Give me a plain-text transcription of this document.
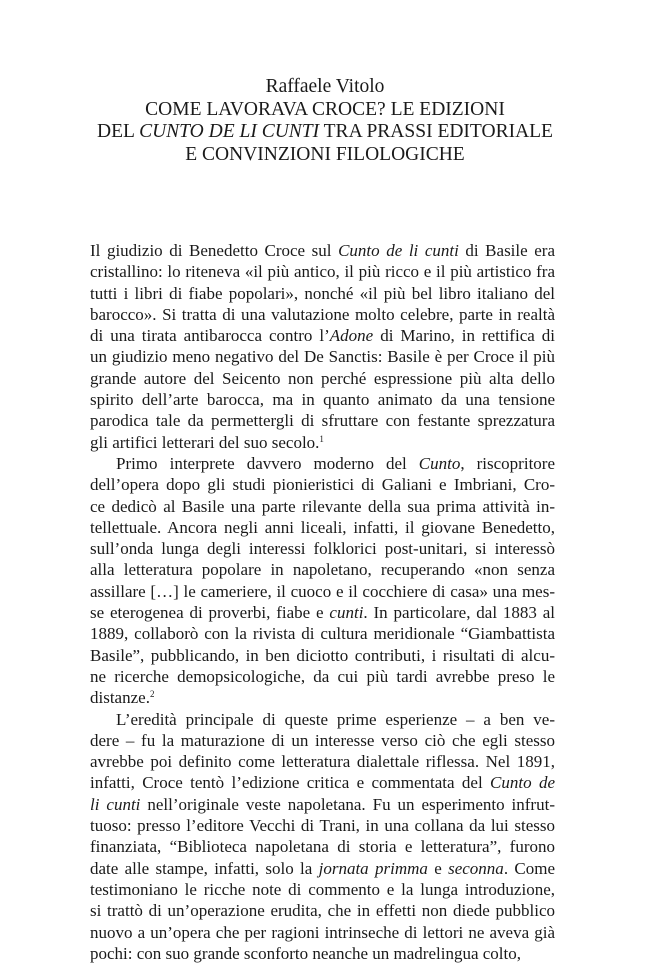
Raffaele Vitolo
COME LAVORAVA CROCE? LE EDIZIONI
DEL CUNTO DE LI CUNTI TRA PRASSI EDITORIALE
E CONVINZIONI FILOLOGICHE
Il giudizio di Benedetto Croce sul Cunto de li cunti di Basile era
cristallino: lo riteneva «il più antico, il più ricco e il più artistico fra
tutti i libri di fiabe popolari», nonché «il più bel libro italiano del
barocco». Si tratta di una valutazione molto celebre, parte in realtà
di una tirata antibarocca contro l’Adone di Marino, in rettifica di
un giudizio meno negativo del De Sanctis: Basile è per Croce il più
grande autore del Seicento non perché espressione più alta dello
spirito dell’arte barocca, ma in quanto animato da una tensione
parodica tale da permettergli di sfruttare con festante sprezzatura
gli artifici letterari del suo secolo.$^1$
Primo interprete davvero moderno del Cunto, riscopritore
dell’opera dopo gli studi pionieristici di Galiani e Imbriani, Cro-
ce dedicò al Basile una parte rilevante della sua prima attività in-
tellettuale. Ancora negli anni liceali, infatti, il giovane Benedetto,
sull’onda lunga degli interessi folklorici post-unitari, si interessò
alla letteratura popolare in napoletano, recuperando «non senza
assillare […] le cameriere, il cuoco e il cocchiere di casa» una mes-
se eterogenea di proverbi, fiabe e cunti. In particolare, dal 1883 al
1889, collaborò con la rivista di cultura meridionale “Giambattista
Basile”, pubblicando, in ben diciotto contributi, i risultati di alcu-
ne ricerche demopsicologiche, da cui più tardi avrebbe preso le
distanze.$^2$
L’eredità principale di queste prime esperienze – a ben ve-
dere – fu la maturazione di un interesse verso ciò che egli stesso
avrebbe poi definito come letteratura dialettale riflessa. Nel 1891,
infatti, Croce tentò l’edizione critica e commentata del Cunto de
li cunti nell’originale veste napoletana. Fu un esperimento infrut-
tuoso: presso l’editore Vecchi di Trani, in una collana da lui stesso
finanziata, “Biblioteca napoletana di storia e letteratura”, furono
date alle stampe, infatti, solo la jornata primma e seconna. Come
testimoniano le ricche note di commento e la lunga introduzione,
si trattò di un’operazione erudita, che in effetti non diede pubblico
nuovo a un’opera che per ragioni intrinseche di lettori ne aveva già
pochi: con suo grande sconforto neanche un madrelingua colto,
